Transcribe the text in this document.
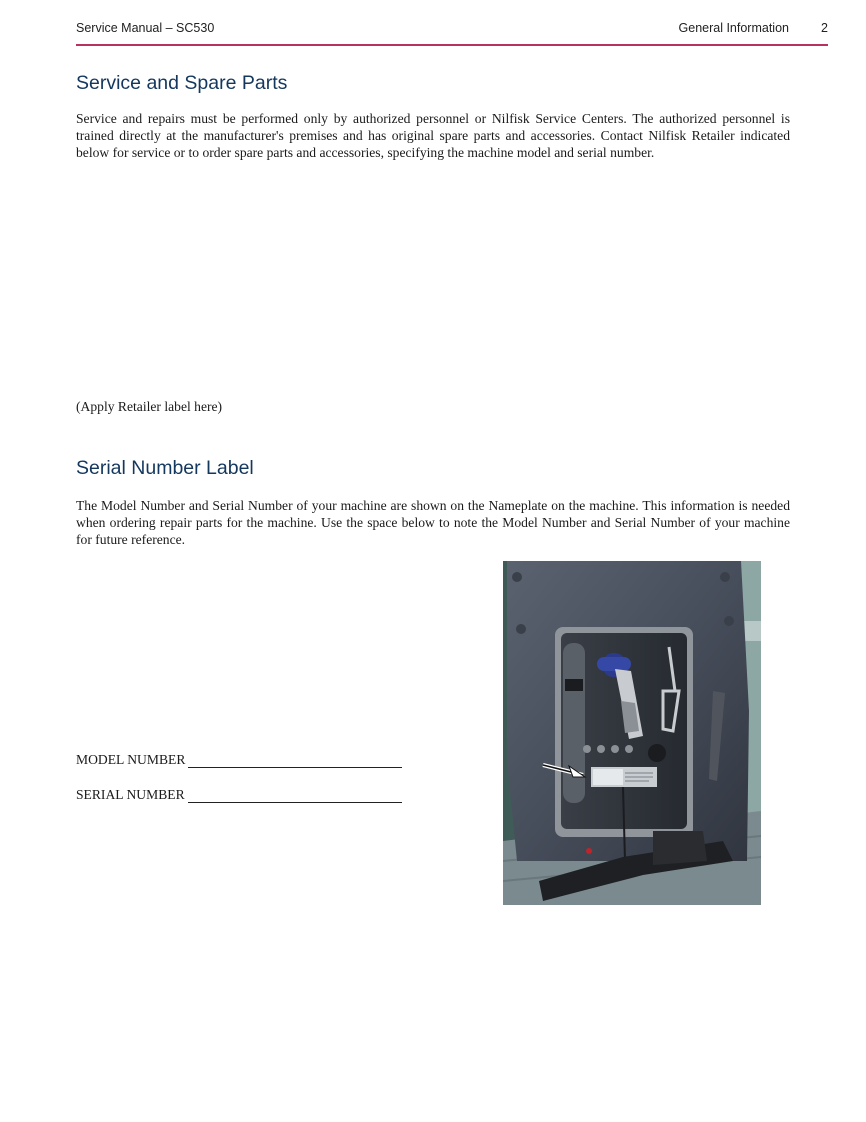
Service Manual – SC530	General Information	2
Service and Spare Parts

Service and repairs must be performed only by authorized personnel or Nilfisk Service Centers. The authorized personnel is trained directly at the manufacturer's premises and has original spare parts and accessories. Contact Nilfisk Retailer indicated below for service or to order spare parts and accessories, specifying the machine model and serial number.

(Apply Retailer label here)
Serial Number Label

The Model Number and Serial Number of your machine are shown on the Nameplate on the machine. This information is needed when ordering repair parts for the machine. Use the space below to note the Model Number and Serial Number of your machine for future reference.

MODEL NUMBER
SERIAL NUMBER
